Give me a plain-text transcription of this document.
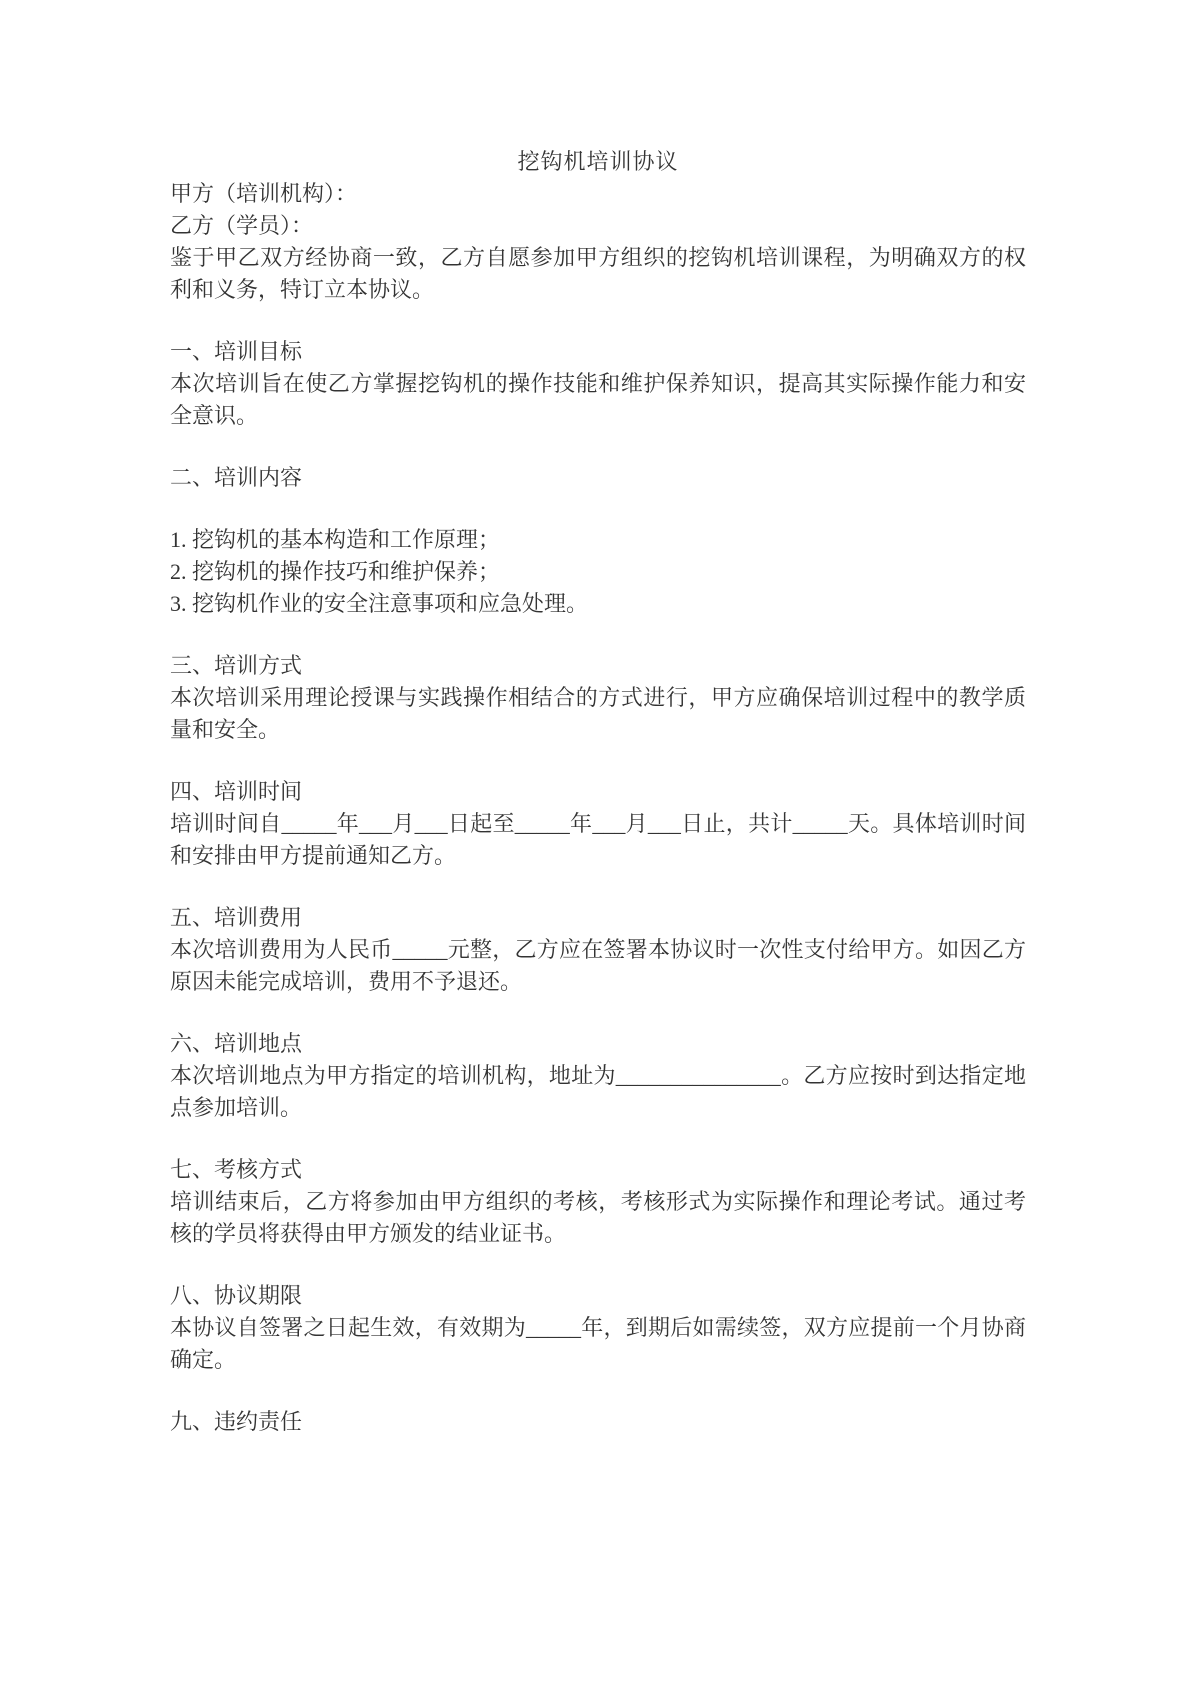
挖钩机培训协议

甲方（培训机构）：

乙方（学员）：

鉴于甲乙双方经协商一致，乙方自愿参加甲方组织的挖钩机培训课程，为明确双方的权利和义务，特订立本协议。

一、培训目标

本次培训旨在使乙方掌握挖钩机的操作技能和维护保养知识，提高其实际操作能力和安全意识。

二、培训内容

1. 挖钩机的基本构造和工作原理；

2. 挖钩机的操作技巧和维护保养；

3. 挖钩机作业的安全注意事项和应急处理。

三、培训方式

本次培训采用理论授课与实践操作相结合的方式进行，甲方应确保培训过程中的教学质量和安全。

四、培训时间

培训时间自_____年___月___日起至_____年___月___日止，共计_____天。具体培训时间和安排由甲方提前通知乙方。

五、培训费用

本次培训费用为人民币_____元整，乙方应在签署本协议时一次性支付给甲方。如因乙方原因未能完成培训，费用不予退还。

六、培训地点

本次培训地点为甲方指定的培训机构，地址为_______________。乙方应按时到达指定地点参加培训。

七、考核方式

培训结束后，乙方将参加由甲方组织的考核，考核形式为实际操作和理论考试。通过考核的学员将获得由甲方颁发的结业证书。

八、协议期限

本协议自签署之日起生效，有效期为_____年，到期后如需续签，双方应提前一个月协商确定。

九、违约责任
